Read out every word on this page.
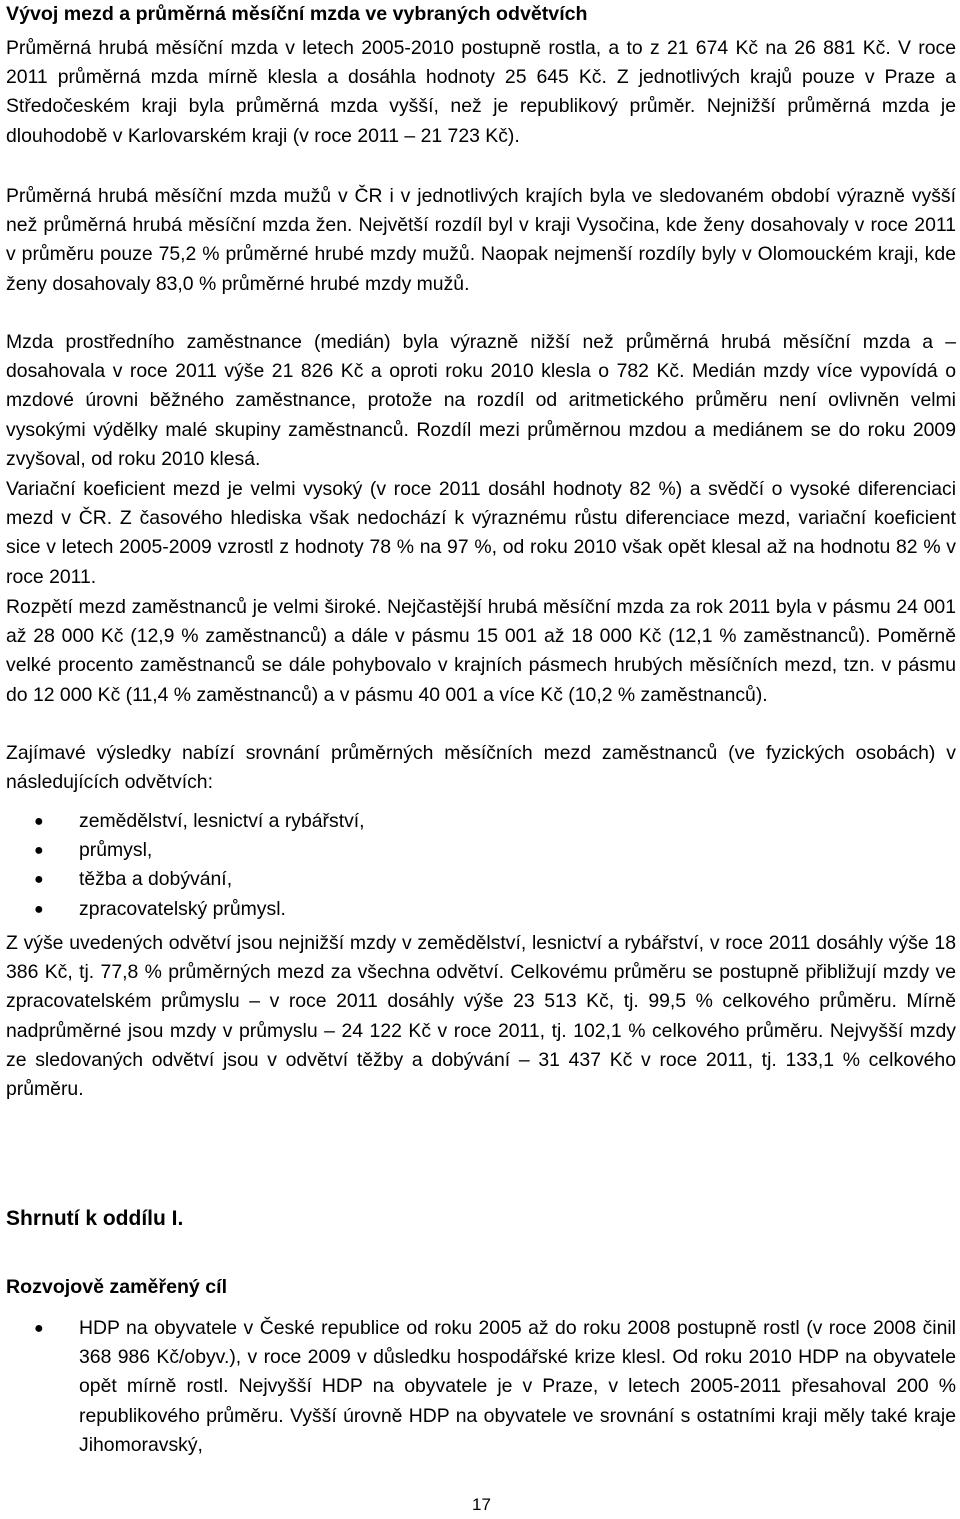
Vývoj mezd a průměrná měsíční mzda ve vybraných odvětvích

Průměrná hrubá měsíční mzda v letech 2005-2010 postupně rostla, a to z 21 674 Kč na 26 881 Kč. V roce 2011 průměrná mzda mírně klesla a dosáhla hodnoty 25 645 Kč. Z jednotlivých krajů pouze v Praze a Středočeském kraji byla průměrná mzda vyšší, než je republikový průměr. Nejnižší průměrná mzda je dlouhodobě v Karlovarském kraji (v roce 2011 – 21 723 Kč).

Průměrná hrubá měsíční mzda mužů v ČR i v jednotlivých krajích byla ve sledovaném období výrazně vyšší než průměrná hrubá měsíční mzda žen. Největší rozdíl byl v kraji Vysočina, kde ženy dosahovaly v roce 2011 v průměru pouze 75,2 % průměrné hrubé mzdy mužů. Naopak nejmenší rozdíly byly v Olomouckém kraji, kde ženy dosahovaly 83,0 % průměrné hrubé mzdy mužů.

Mzda prostředního zaměstnance (medián) byla výrazně nižší než průměrná hrubá měsíční mzda a – dosahovala v roce 2011 výše 21 826 Kč a oproti roku 2010 klesla o 782 Kč. Medián mzdy více vypovídá o mzdové úrovni běžného zaměstnance, protože na rozdíl od aritmetického průměru není ovlivněn velmi vysokými výdělky malé skupiny zaměstnanců. Rozdíl mezi průměrnou mzdou a mediánem se do roku 2009 zvyšoval, od roku 2010 klesá.

Variační koeficient mezd je velmi vysoký (v roce 2011 dosáhl hodnoty 82 %) a svědčí o vysoké diferenciaci mezd v ČR. Z časového hlediska však nedochází k výraznému růstu diferenciace mezd, variační koeficient sice v letech 2005-2009 vzrostl z hodnoty 78 % na 97 %, od roku 2010 však opět klesal až na hodnotu 82 % v roce 2011.

Rozpětí mezd zaměstnanců je velmi široké. Nejčastější hrubá měsíční mzda za rok 2011 byla v pásmu 24 001 až 28 000 Kč (12,9 % zaměstnanců) a dále v pásmu 15 001 až 18 000 Kč (12,1 % zaměstnanců). Poměrně velké procento zaměstnanců se dále pohybovalo v krajních pásmech hrubých měsíčních mezd, tzn. v pásmu do 12 000 Kč (11,4 % zaměstnanců) a v pásmu 40 001 a více Kč (10,2 % zaměstnanců).

Zajímavé výsledky nabízí srovnání průměrných měsíčních mezd zaměstnanců (ve fyzických osobách) v následujících odvětvích:

● zemědělství, lesnictví a rybářství,
● průmysl,
● těžba a dobývání,
● zpracovatelský průmysl.

Z výše uvedených odvětví jsou nejnižší mzdy v zemědělství, lesnictví a rybářství, v roce 2011 dosáhly výše 18 386 Kč, tj. 77,8 % průměrných mezd za všechna odvětví. Celkovému průměru se postupně přibližují mzdy ve zpracovatelském průmyslu – v roce 2011 dosáhly výše 23 513 Kč, tj. 99,5 % celkového průměru. Mírně nadprůměrné jsou mzdy v průmyslu – 24 122 Kč v roce 2011, tj. 102,1 % celkového průměru. Nejvyšší mzdy ze sledovaných odvětví jsou v odvětví těžby a dobývání – 31 437 Kč v roce 2011, tj. 133,1 % celkového průměru.

Shrnutí k oddílu I.
Rozvojově zaměřený cíl
● HDP na obyvatele v České republice od roku 2005 až do roku 2008 postupně rostl (v roce 2008 činil 368 986 Kč/obyv.), v roce 2009 v důsledku hospodářské krize klesl. Od roku 2010 HDP na obyvatele opět mírně rostl. Nejvyšší HDP na obyvatele je v Praze, v letech 2005-2011 přesahoval 200 % republikového průměru. Vyšší úrovně HDP na obyvatele ve srovnání s ostatními kraji měly také kraje Jihomoravský,

17
